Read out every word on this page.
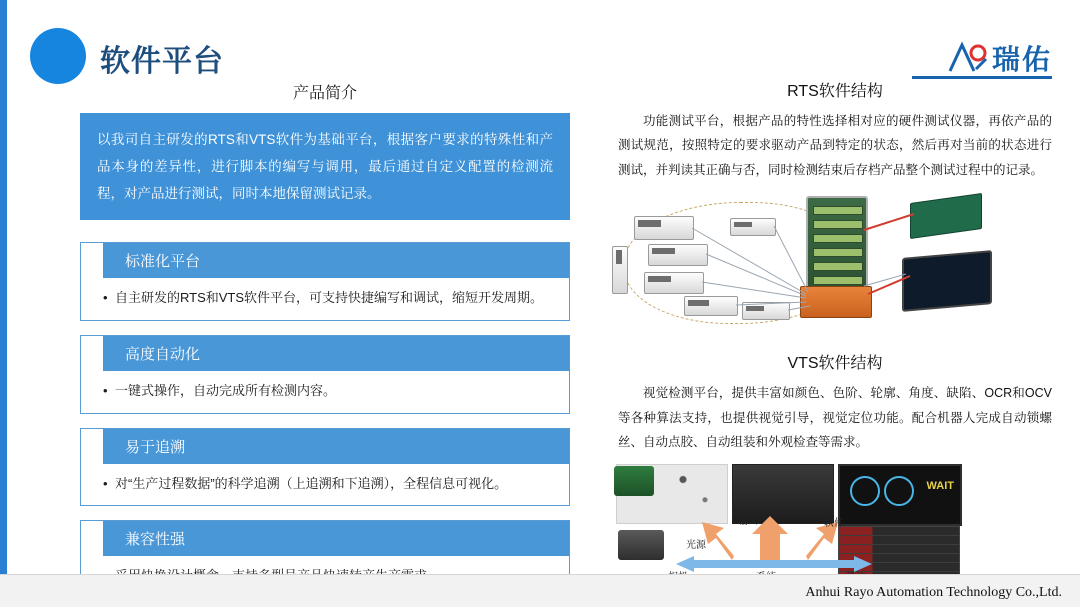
软件平台	瑞佑
产品简介
以我司自主研发的RTS和VTS软件为基础平台，根据客户要求的特殊性和产品本身的差异性，进行脚本的编写与调用，最后通过自定义配置的检测流程，对产品进行测试，同时本地保留测试记录。
标准化平台
• 自主研发的RTS和VTS软件平台，可支持快捷编写和调试，缩短开发周期。
高度自动化
• 一键式操作，自动完成所有检测内容。
易于追溯
• 对“生产过程数据”的科学追溯（上追溯和下追溯），全程信息可视化。
兼容性强
RTS软件结构
功能测试平台，根据产品的特性选择相对应的硬件测试仪器，再依产品的测试规范，按照特定的要求驱动产品到特定的状态，然后再对当前的状态进行测试，并判读其正确与否，同时检测结束后存档产品整个测试过程中的记录。
VTS软件结构
视觉检测平台，提供丰富如颜色、色阶、轮廓、角度、缺陷、OCR和OCV等各种算法支持，也提供视觉引导，视觉定位功能。配合机器人完成自动锁螺丝、自动点胶、自动组装和外观检查等需求。
WAIT
输出	软件
光源
Anhui Rayo Automation Technology Co.,Ltd.
